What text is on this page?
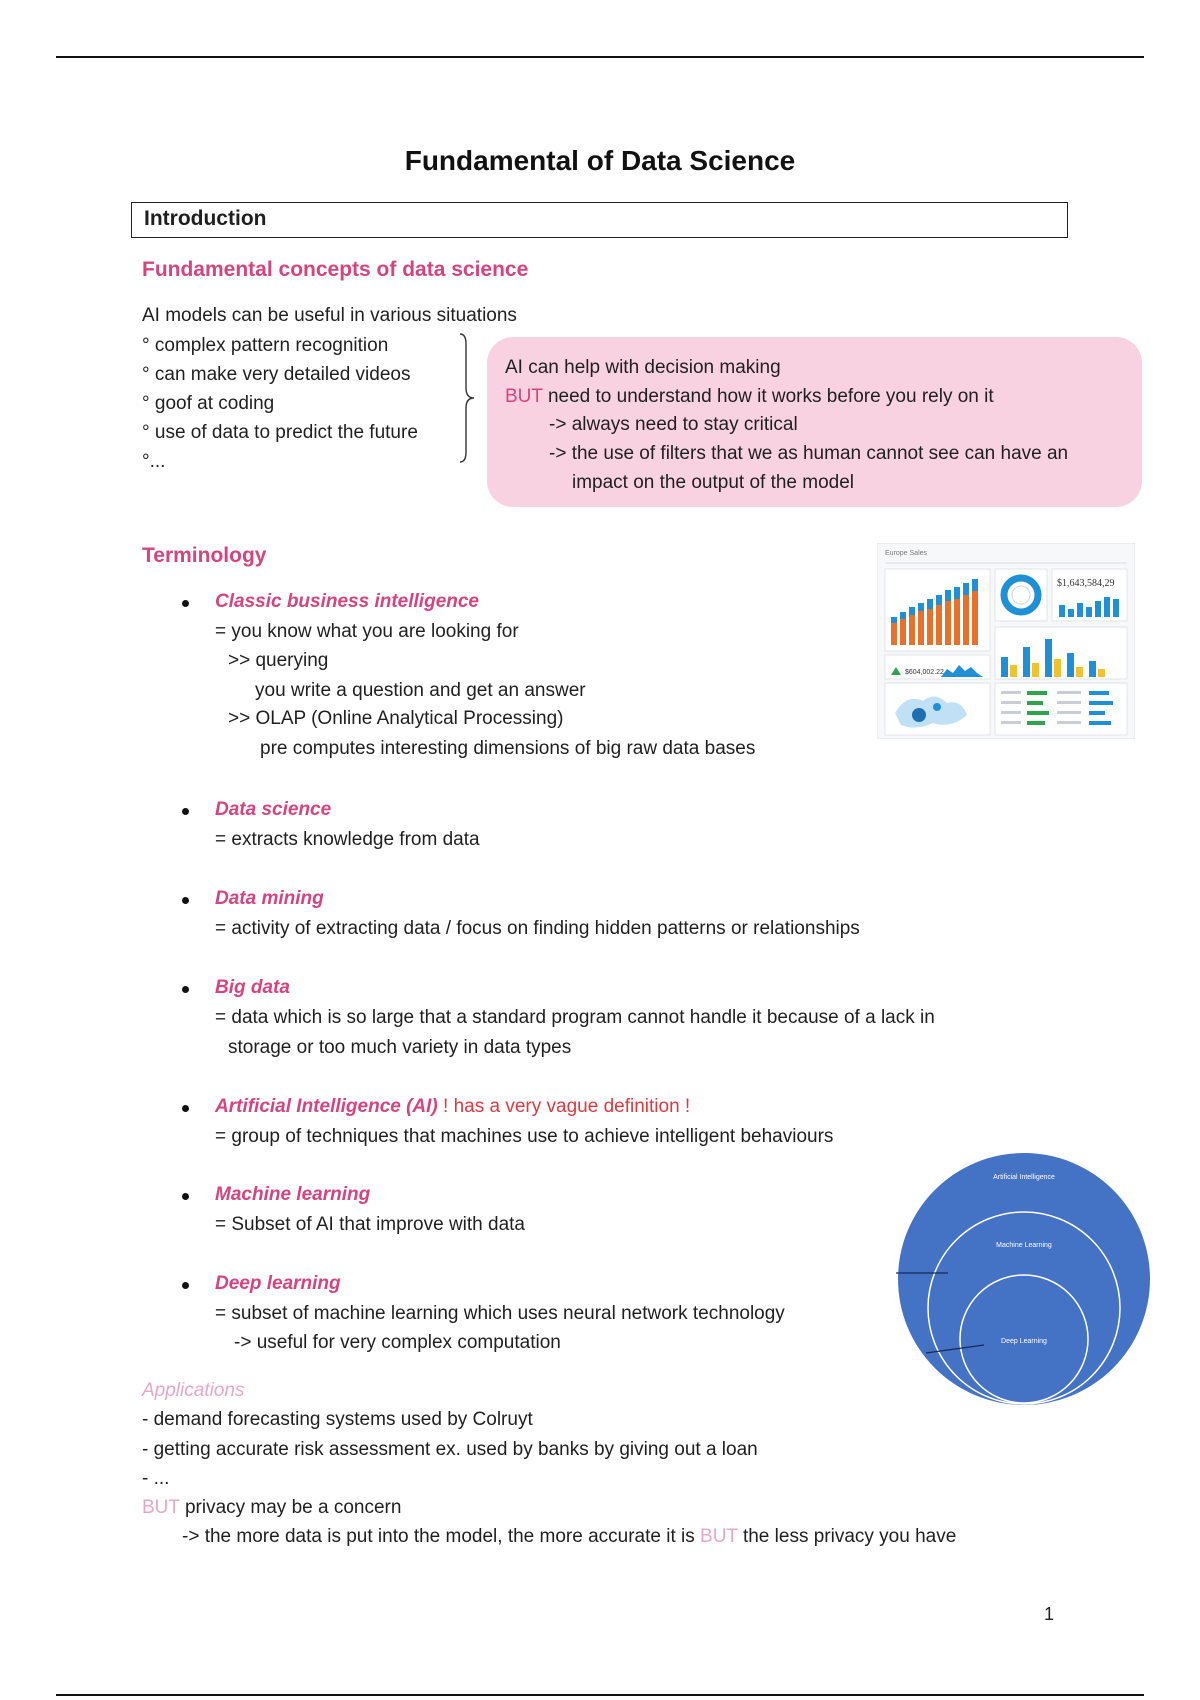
Fundamental of Data Science
Introduction
Fundamental concepts of data science
AI models can be useful in various situations
° complex pattern recognition
° can make very detailed videos
° goof at coding
° use of data to predict the future
°...
AI can help with decision making
BUT need to understand how it works before you rely on it
-> always need to stay critical
-> the use of filters that we as human cannot see can have an
impact on the output of the model
Terminology
Classic business intelligence
= you know what you are looking for
>> querying
you write a question and get an answer
>> OLAP (Online Analytical Processing)
pre computes interesting dimensions of big raw data bases
Europe Sales
$1,643,584,29
$604,002.22
Data science
= extracts knowledge from data
Data mining
= activity of extracting data / focus on finding hidden patterns or relationships
Big data
= data which is so large that a standard program cannot handle it because of a lack in
storage or too much variety in data types
Artificial Intelligence (AI) ! has a very vague definition !
= group of techniques that machines use to achieve intelligent behaviours
Machine learning
= Subset of AI that improve with data
Deep learning
= subset of machine learning which uses neural network technology
-> useful for very complex computation
Artificial Intelligence
Machine Learning
Deep Learning
Applications
- demand forecasting systems used by Colruyt
- getting accurate risk assessment ex. used by banks by giving out a loan
- ...
BUT privacy may be a concern
-> the more data is put into the model, the more accurate it is BUT the less privacy you have
1
